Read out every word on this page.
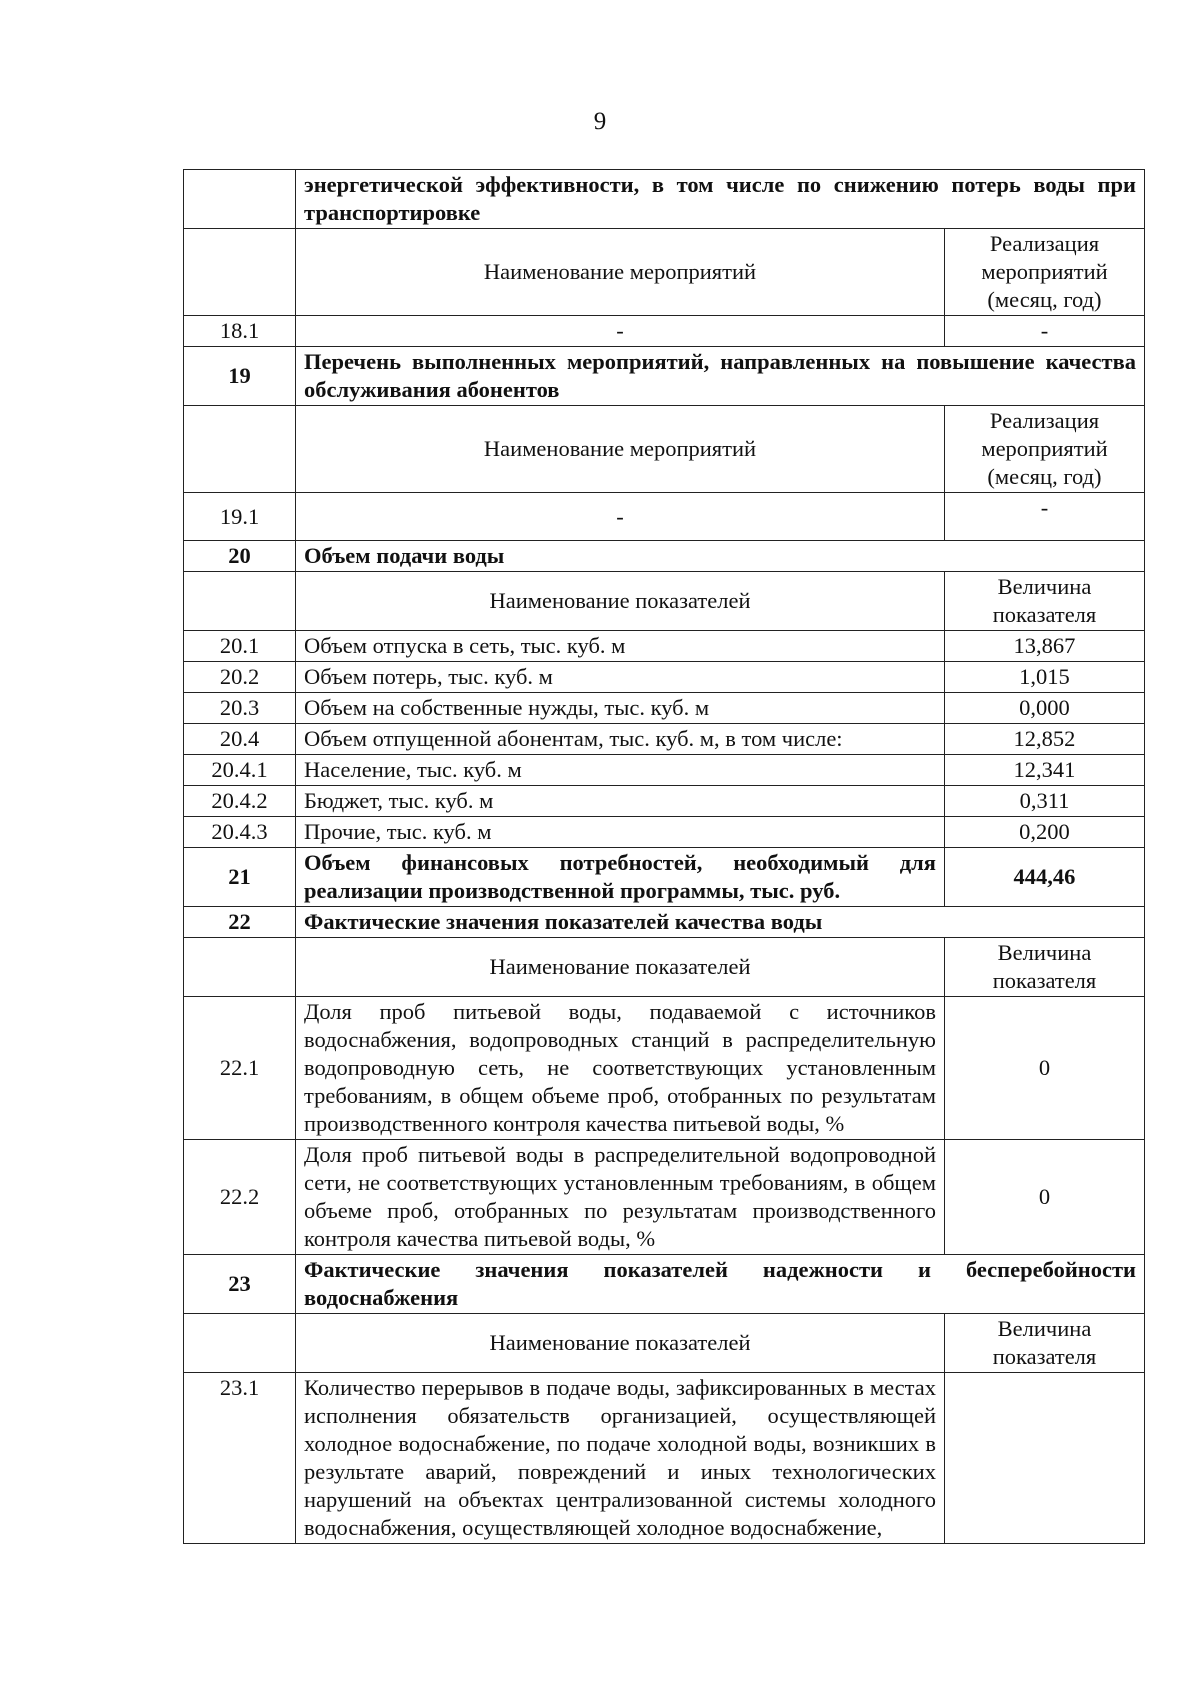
9
	энергетической эффективности, в том числе по снижению потерь воды при транспортировке	
	Наименование мероприятий	Реализация мероприятий (месяц, год)
18.1	-	-
19	Перечень выполненных мероприятий, направленных на повышение качества обслуживания абонентов	
	Наименование мероприятий	Реализация мероприятий (месяц, год)
19.1	-	-
20	Объем подачи воды	
	Наименование показателей	Величина показателя
20.1	Объем отпуска в сеть, тыс. куб. м	13,867
20.2	Объем потерь, тыс. куб. м	1,015
20.3	Объем на собственные нужды, тыс. куб. м	0,000
20.4	Объем отпущенной абонентам, тыс. куб. м, в том числе:	12,852
20.4.1	Население, тыс. куб. м	12,341
20.4.2	Бюджет, тыс. куб. м	0,311
20.4.3	Прочие, тыс. куб. м	0,200
21	Объем финансовых потребностей, необходимый для реализации производственной программы, тыс. руб.	444,46
22	Фактические значения показателей качества воды	
	Наименование показателей	Величина показателя
22.1	Доля проб питьевой воды, подаваемой с источников водоснабжения, водопроводных станций в распределительную водопроводную сеть, не соответствующих установленным требованиям, в общем объеме проб, отобранных по результатам производственного контроля качества питьевой воды, %	0
22.2	Доля проб питьевой воды в распределительной водопроводной сети, не соответствующих установленным требованиям, в общем объеме проб, отобранных по результатам производственного контроля качества питьевой воды, %	0
23	Фактические значения показателей надежности и бесперебойности водоснабжения	
	Наименование показателей	Величина показателя
23.1	Количество перерывов в подаче воды, зафиксированных в местах исполнения обязательств организацией, осуществляющей холодное водоснабжение, по подаче холодной воды, возникших в результате аварий, повреждений и иных технологических нарушений на объектах централизованной системы холодного водоснабжения, осуществляющей холодное водоснабжение,	
